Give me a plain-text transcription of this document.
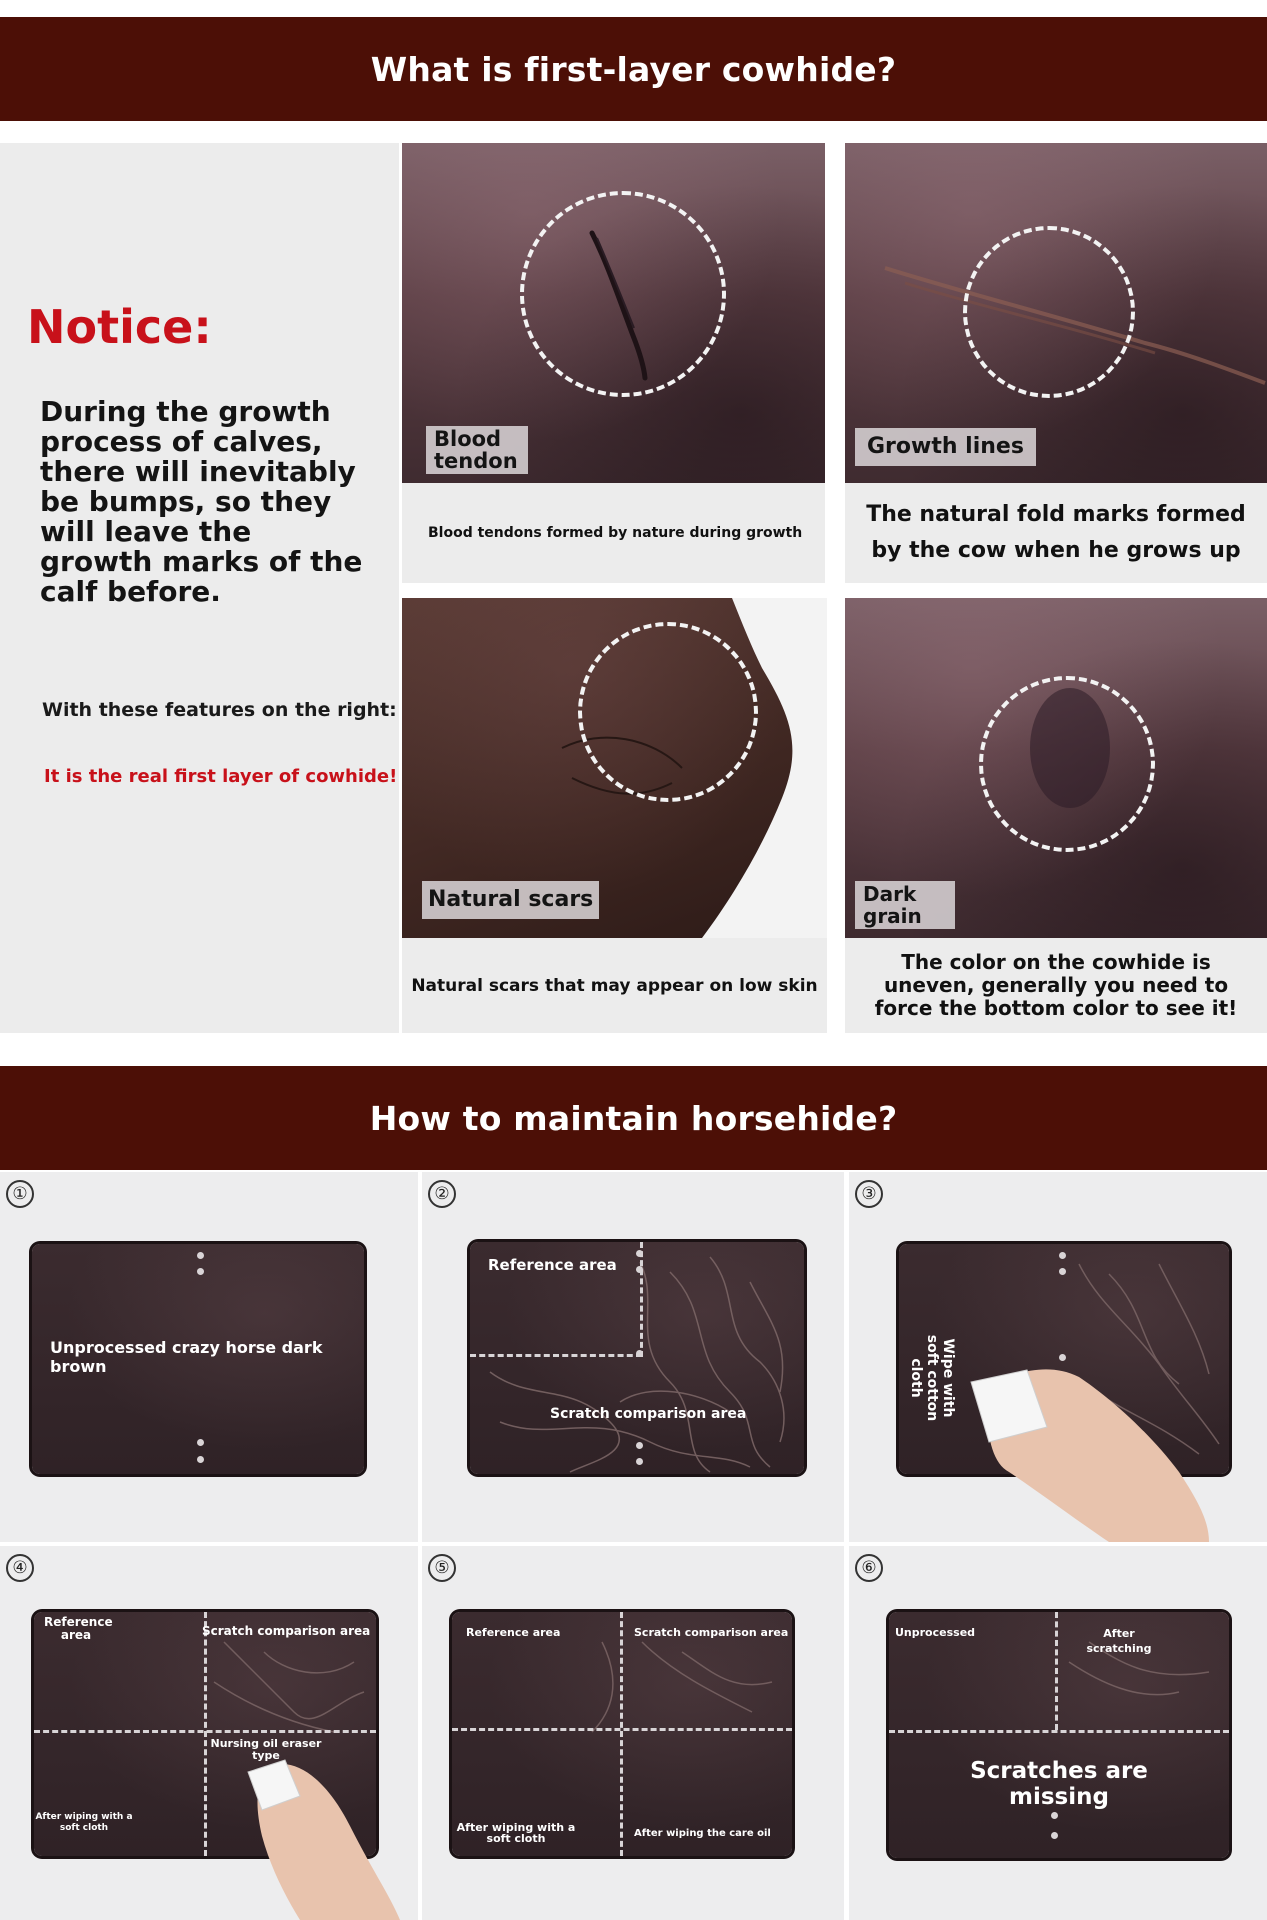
What is first-layer cowhide?
Notice:
During the growth process of calves, there will inevitably be bumps, so they will leave the growth marks of the calf before.
With these features on the right:
It is the real first layer of cowhide!
Blood tendon
Blood tendons formed by nature during growth
Growth lines
The natural fold marks formed by the cow when he grows up
Natural scars
Natural scars that may appear on low skin
Dark grain
The color on the cowhide is uneven, generally you need to force the bottom color to see it!
How to maintain horsehide?
①
Unprocessed crazy horse dark brown
②
Reference area
Scratch comparison area
③
Wipe with soft cotton cloth
④
Reference area	Scratch comparison area
Nursing oil eraser type
After wiping with a soft cloth
⑤
Reference area	Scratch comparison area
After wiping with a soft cloth	After wiping the care oil
⑥
Unprocessed	After scratching
Scratches are missing
